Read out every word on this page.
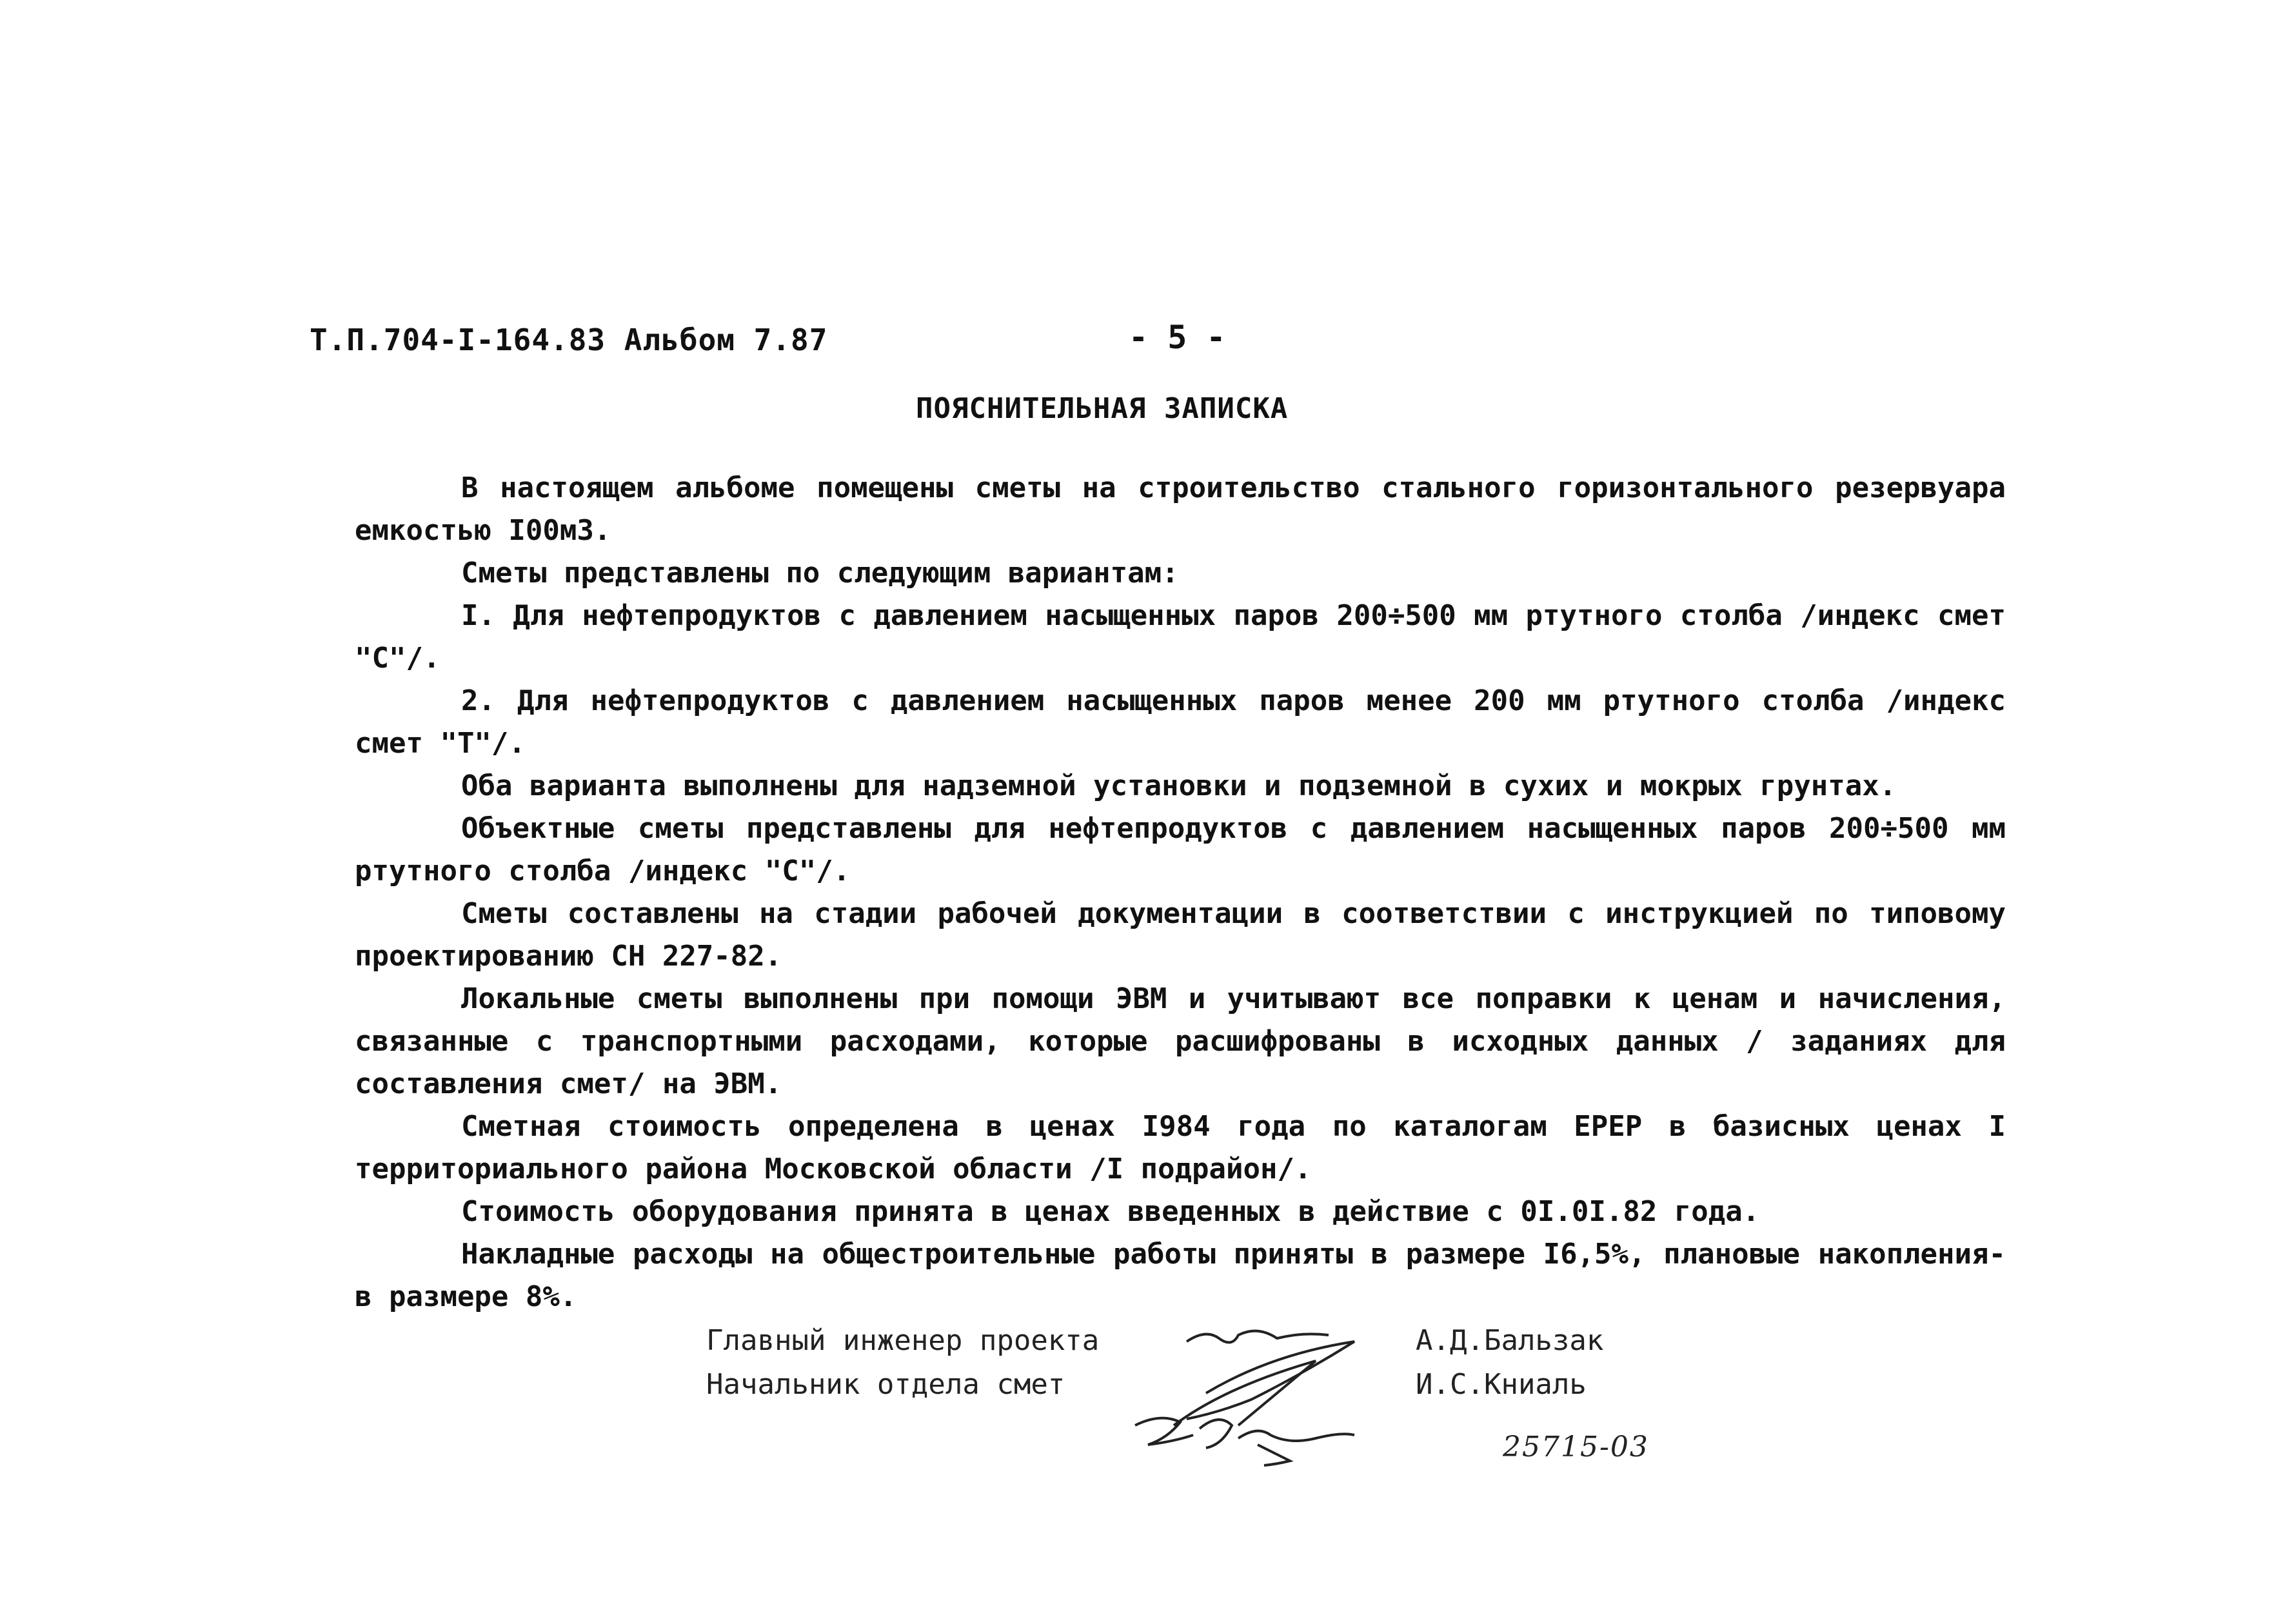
Т.П.704-I-164.83 Альбом 7.87	- 5 -
ПОЯСНИТЕЛЬНАЯ ЗАПИСКА

В настоящем альбоме помещены сметы на строительство стального горизонтального резервуара емкостью I00м3.

Сметы представлены по следующим вариантам:

I. Для нефтепродуктов с давлением насыщенных паров 200÷500 мм ртутного столба /индекс смет "С"/.

2. Для нефтепродуктов с давлением насыщенных паров менее 200 мм ртутного столба /индекс смет "Т"/.

Оба варианта выполнены для надземной установки и подземной в сухих и мокрых грунтах.

Объектные сметы представлены для нефтепродуктов с давлением насыщенных паров 200÷500 мм ртутного столба /индекс "С"/.

Сметы составлены на стадии рабочей документации в соответствии с инструкцией по типовому проектированию СН 227-82.

Локальные сметы выполнены при помощи ЭВМ и учитывают все поправки к ценам и начисления, связанные с транспортными расходами, которые расшифрованы в исходных данных / заданиях для составления смет/ на ЭВМ.

Сметная стоимость определена в ценах I984 года по каталогам ЕРЕР в базисных ценах I территориального района Московской области /I подрайон/.

Стоимость оборудования принята в ценах введенных в действие с 0I.0I.82 года.

Накладные расходы на общестроительные работы приняты в размере I6,5%, плановые накопления-в размере 8%.

Главный инженер проекта	А.Д.Бальзак
Начальник отдела смет	И.С.Книаль
25715-03
